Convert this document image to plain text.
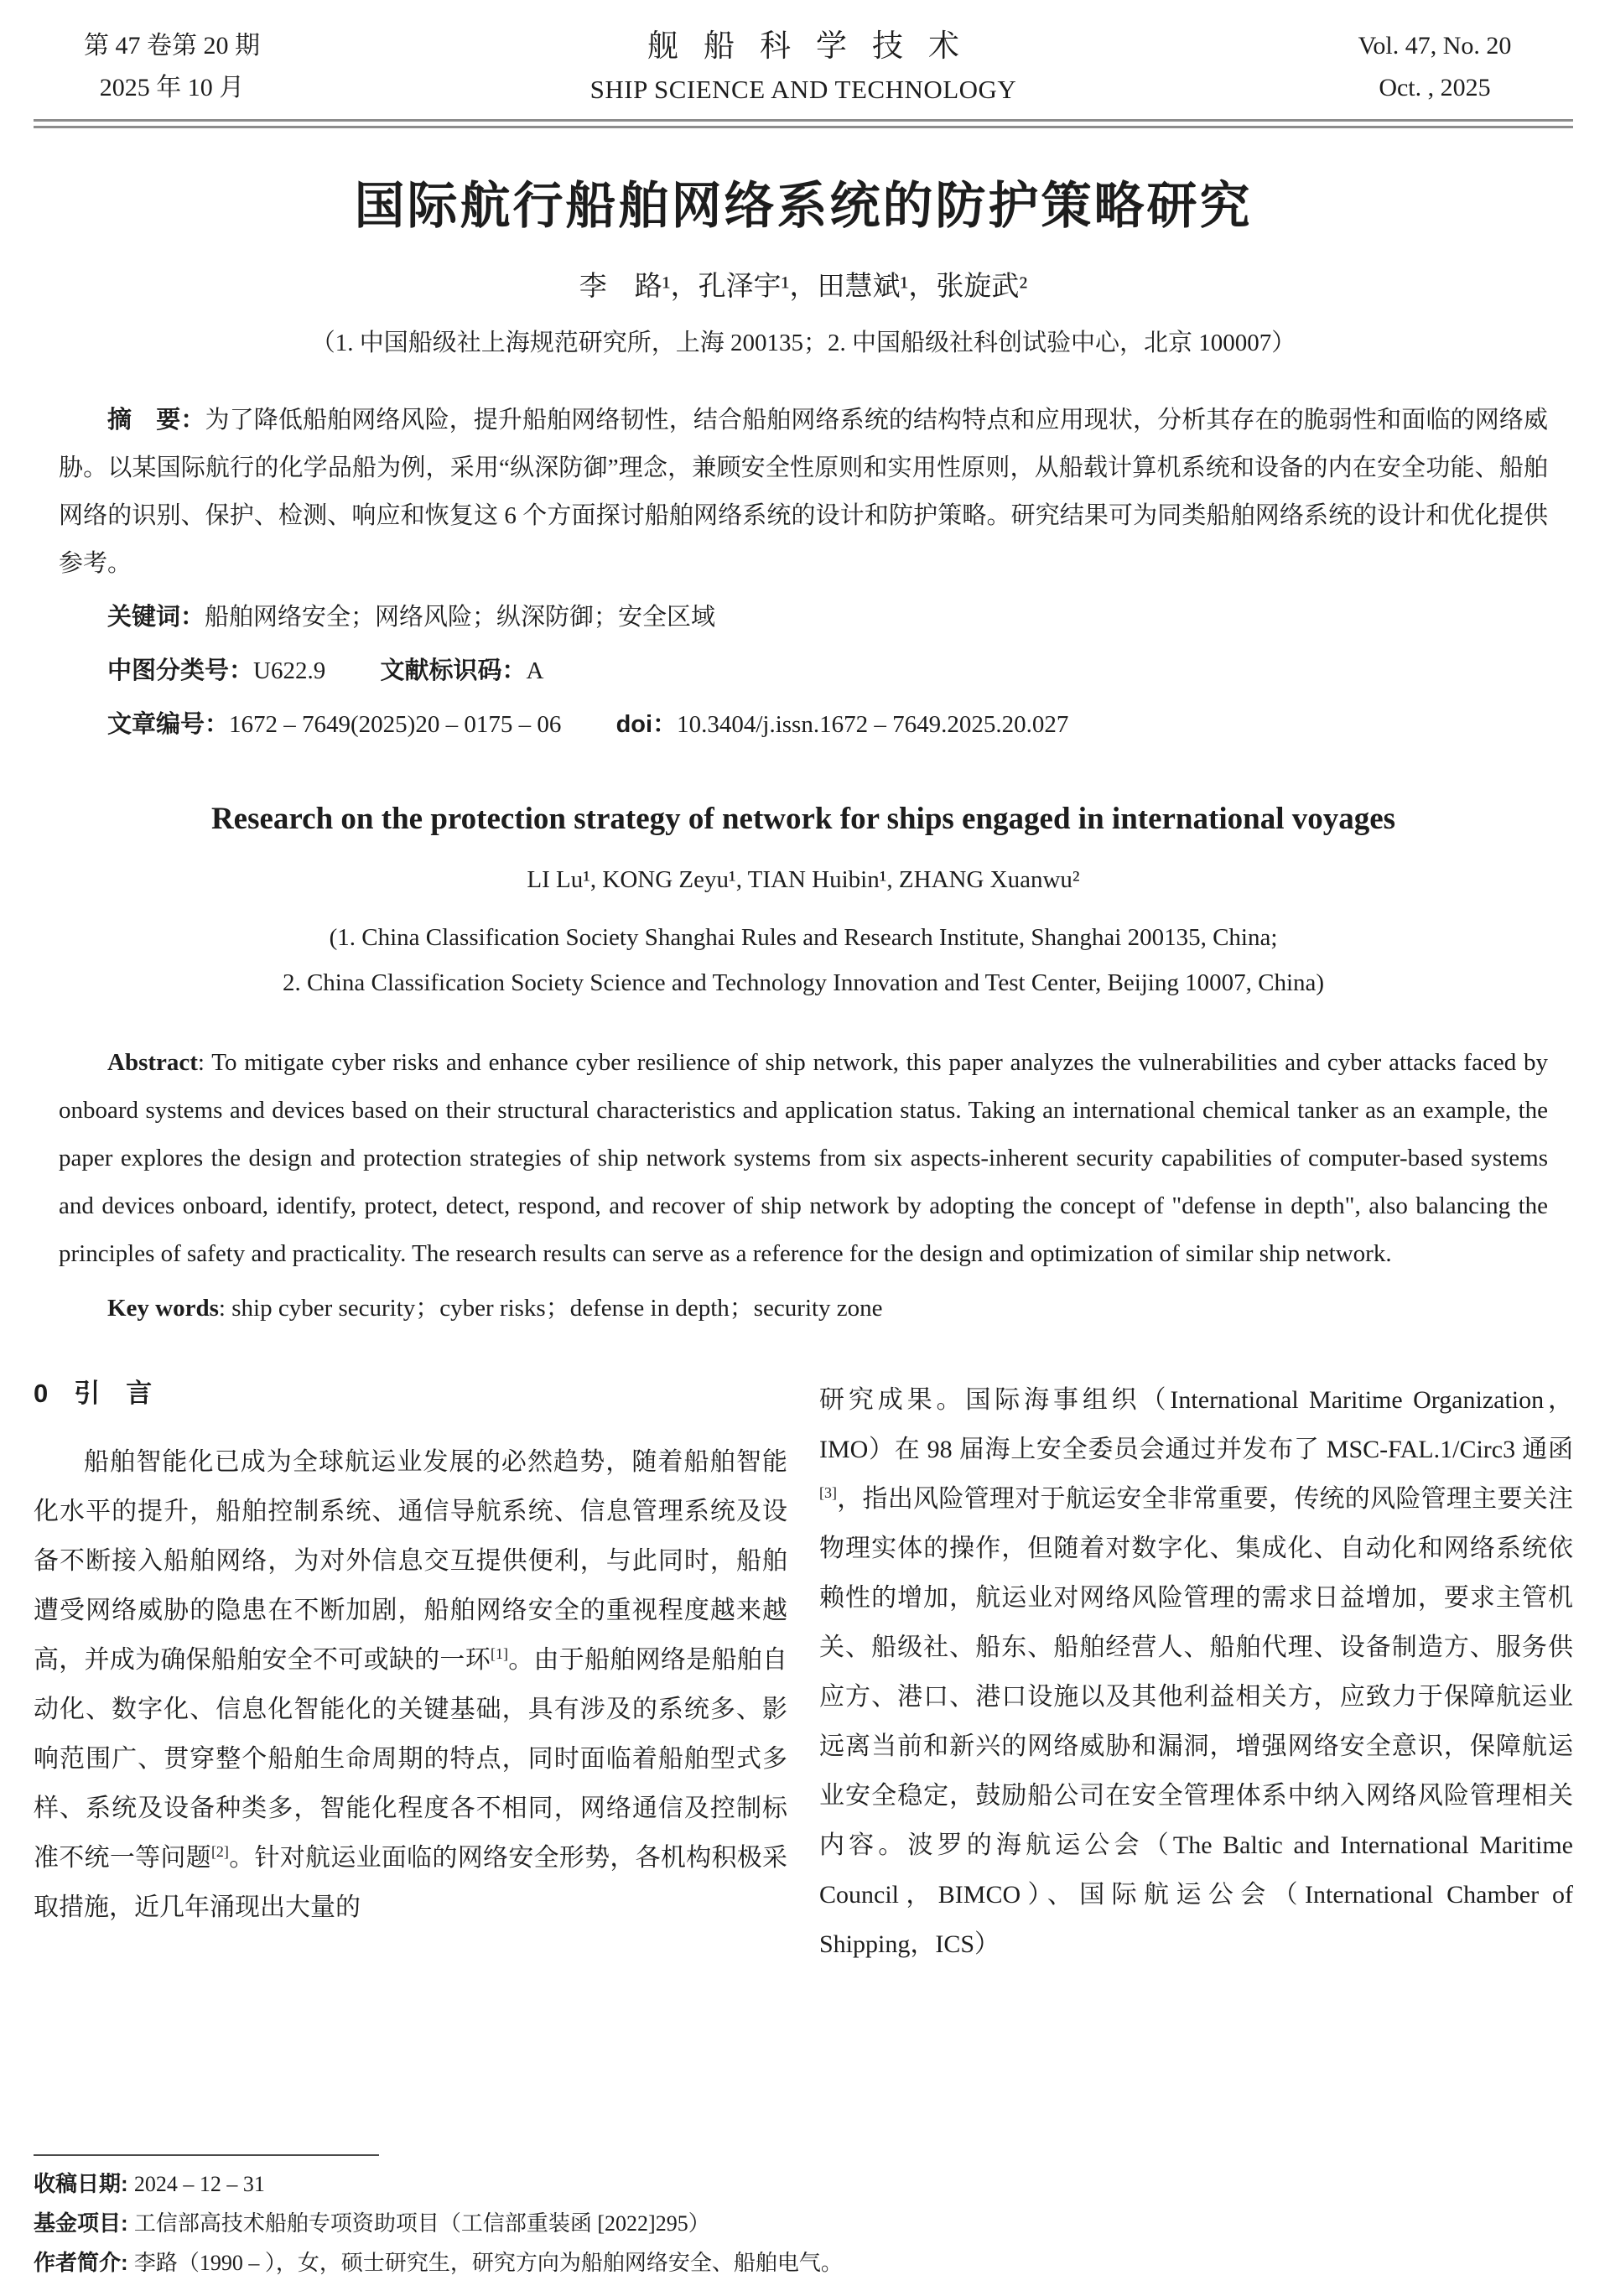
第 47 卷第 20 期
2025 年 10 月
舰船科学技术
SHIP SCIENCE AND TECHNOLOGY
Vol. 47, No. 20
Oct. , 2025
国际航行船舶网络系统的防护策略研究
李　路¹，孔泽宇¹，田慧斌¹，张旋武²
（1. 中国船级社上海规范研究所，上海 200135；2. 中国船级社科创试验中心，北京 100007）
摘　要：为了降低船舶网络风险，提升船舶网络韧性，结合船舶网络系统的结构特点和应用现状，分析其存在的脆弱性和面临的网络威胁。以某国际航行的化学品船为例，采用“纵深防御”理念，兼顾安全性原则和实用性原则，从船载计算机系统和设备的内在安全功能、船舶网络的识别、保护、检测、响应和恢复这 6 个方面探讨船舶网络系统的设计和防护策略。研究结果可为同类船舶网络系统的设计和优化提供参考。
关键词：船舶网络安全；网络风险；纵深防御；安全区域
中图分类号：U622.9 文献标识码：A
文章编号：1672 – 7649(2025)20 – 0175 – 06 doi：10.3404/j.issn.1672 – 7649.2025.20.027
Research on the protection strategy of network for ships engaged in international voyages
LI Lu¹, KONG Zeyu¹, TIAN Huibin¹, ZHANG Xuanwu²
(1. China Classification Society Shanghai Rules and Research Institute, Shanghai 200135, China;
2. China Classification Society Science and Technology Innovation and Test Center, Beijing 10007, China)
Abstract: To mitigate cyber risks and enhance cyber resilience of ship network, this paper analyzes the vulnerabilities and cyber attacks faced by onboard systems and devices based on their structural characteristics and application status. Taking an international chemical tanker as an example, the paper explores the design and protection strategies of ship network systems from six aspects-inherent security capabilities of computer-based systems and devices onboard, identify, protect, detect, respond, and recover of ship network by adopting the concept of "defense in depth", also balancing the principles of safety and practicality. The research results can serve as a reference for the design and optimization of similar ship network.
Key words: ship cyber security；cyber risks；defense in depth；security zone
0　引　言

船舶智能化已成为全球航运业发展的必然趋势，随着船舶智能化水平的提升，船舶控制系统、通信导航系统、信息管理系统及设备不断接入船舶网络，为对外信息交互提供便利，与此同时，船舶遭受网络威胁的隐患在不断加剧，船舶网络安全的重视程度越来越高，并成为确保船舶安全不可或缺的一环[1]。由于船舶网络是船舶自动化、数字化、信息化智能化的关键基础，具有涉及的系统多、影响范围广、贯穿整个船舶生命周期的特点，同时面临着船舶型式多样、系统及设备种类多，智能化程度各不相同，网络通信及控制标准不统一等问题[2]。针对航运业面临的网络安全形势，各机构积极采取措施，近几年涌现出大量的

研究成果。国际海事组织（International Maritime Organization，IMO）在 98 届海上安全委员会通过并发布了 MSC-FAL.1/Circ3 通函[3]，指出风险管理对于航运安全非常重要，传统的风险管理主要关注物理实体的操作，但随着对数字化、集成化、自动化和网络系统依赖性的增加，航运业对网络风险管理的需求日益增加，要求主管机关、船级社、船东、船舶经营人、船舶代理、设备制造方、服务供应方、港口、港口设施以及其他利益相关方，应致力于保障航运业远离当前和新兴的网络威胁和漏洞，增强网络安全意识，保障航运业安全稳定，鼓励船公司在安全管理体系中纳入网络风险管理相关内容。波罗的海航运公会（The Baltic and International Maritime Council，BIMCO）、国际航运公会（International Chamber of Shipping，ICS）

收稿日期: 2024 – 12 – 31
基金项目: 工信部高技术船舶专项资助项目（工信部重装函 [2022]295）
作者简介: 李路（1990 – ），女，硕士研究生，研究方向为船舶网络安全、船舶电气。
